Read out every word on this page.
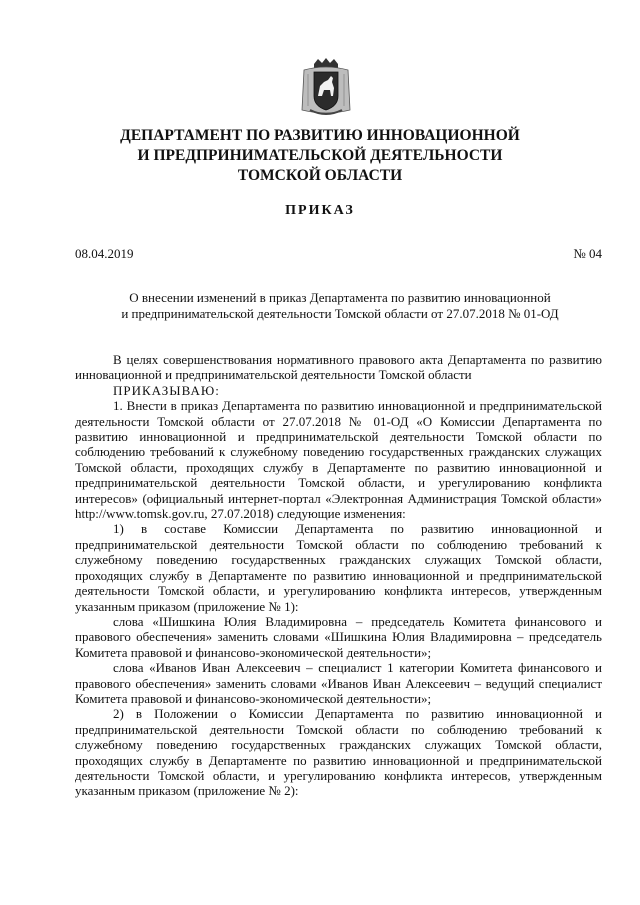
ДЕПАРТАМЕНТ ПО РАЗВИТИЮ ИННОВАЦИОННОЙ
И ПРЕДПРИНИМАТЕЛЬСКОЙ ДЕЯТЕЛЬНОСТИ
ТОМСКОЙ ОБЛАСТИ
ПРИКАЗ
08.04.2019	№ 04
О внесении изменений в приказ Департамента по развитию инновационной
и предпринимательской деятельности Томской области от 27.07.2018 № 01-ОД

В целях совершенствования нормативного правового акта Департамента по развитию инновационной и предпринимательской деятельности Томской области

ПРИКАЗЫВАЮ:

1. Внести в приказ Департамента по развитию инновационной и предпринимательской деятельности Томской области от 27.07.2018 № 01-ОД «О Комиссии Департамента по развитию инновационной и предпринимательской деятельности Томской области по соблюдению требований к служебному поведению государственных гражданских служащих Томской области, проходящих службу в Департаменте по развитию инновационной и предпринимательской деятельности Томской области, и урегулированию конфликта интересов» (официальный интернет-портал «Электронная Администрация Томской области» http://www.tomsk.gov.ru, 27.07.2018) следующие изменения:

1) в составе Комиссии Департамента по развитию инновационной и предпринимательской деятельности Томской области по соблюдению требований к служебному поведению государственных гражданских служащих Томской области, проходящих службу в Департаменте по развитию инновационной и предпринимательской деятельности Томской области, и урегулированию конфликта интересов, утвержденным указанным приказом (приложение № 1):

слова «Шишкина Юлия Владимировна – председатель Комитета финансового и правового обеспечения» заменить словами «Шишкина Юлия Владимировна – председатель Комитета правовой и финансово-экономической деятельности»;

слова «Иванов Иван Алексеевич – специалист 1 категории Комитета финансового и правового обеспечения» заменить словами «Иванов Иван Алексеевич – ведущий специалист Комитета правовой и финансово-экономической деятельности»;

2) в Положении о Комиссии Департамента по развитию инновационной и предпринимательской деятельности Томской области по соблюдению требований к служебному поведению государственных гражданских служащих Томской области, проходящих службу в Департаменте по развитию инновационной и предпринимательской деятельности Томской области, и урегулированию конфликта интересов, утвержденным указанным приказом (приложение № 2):
